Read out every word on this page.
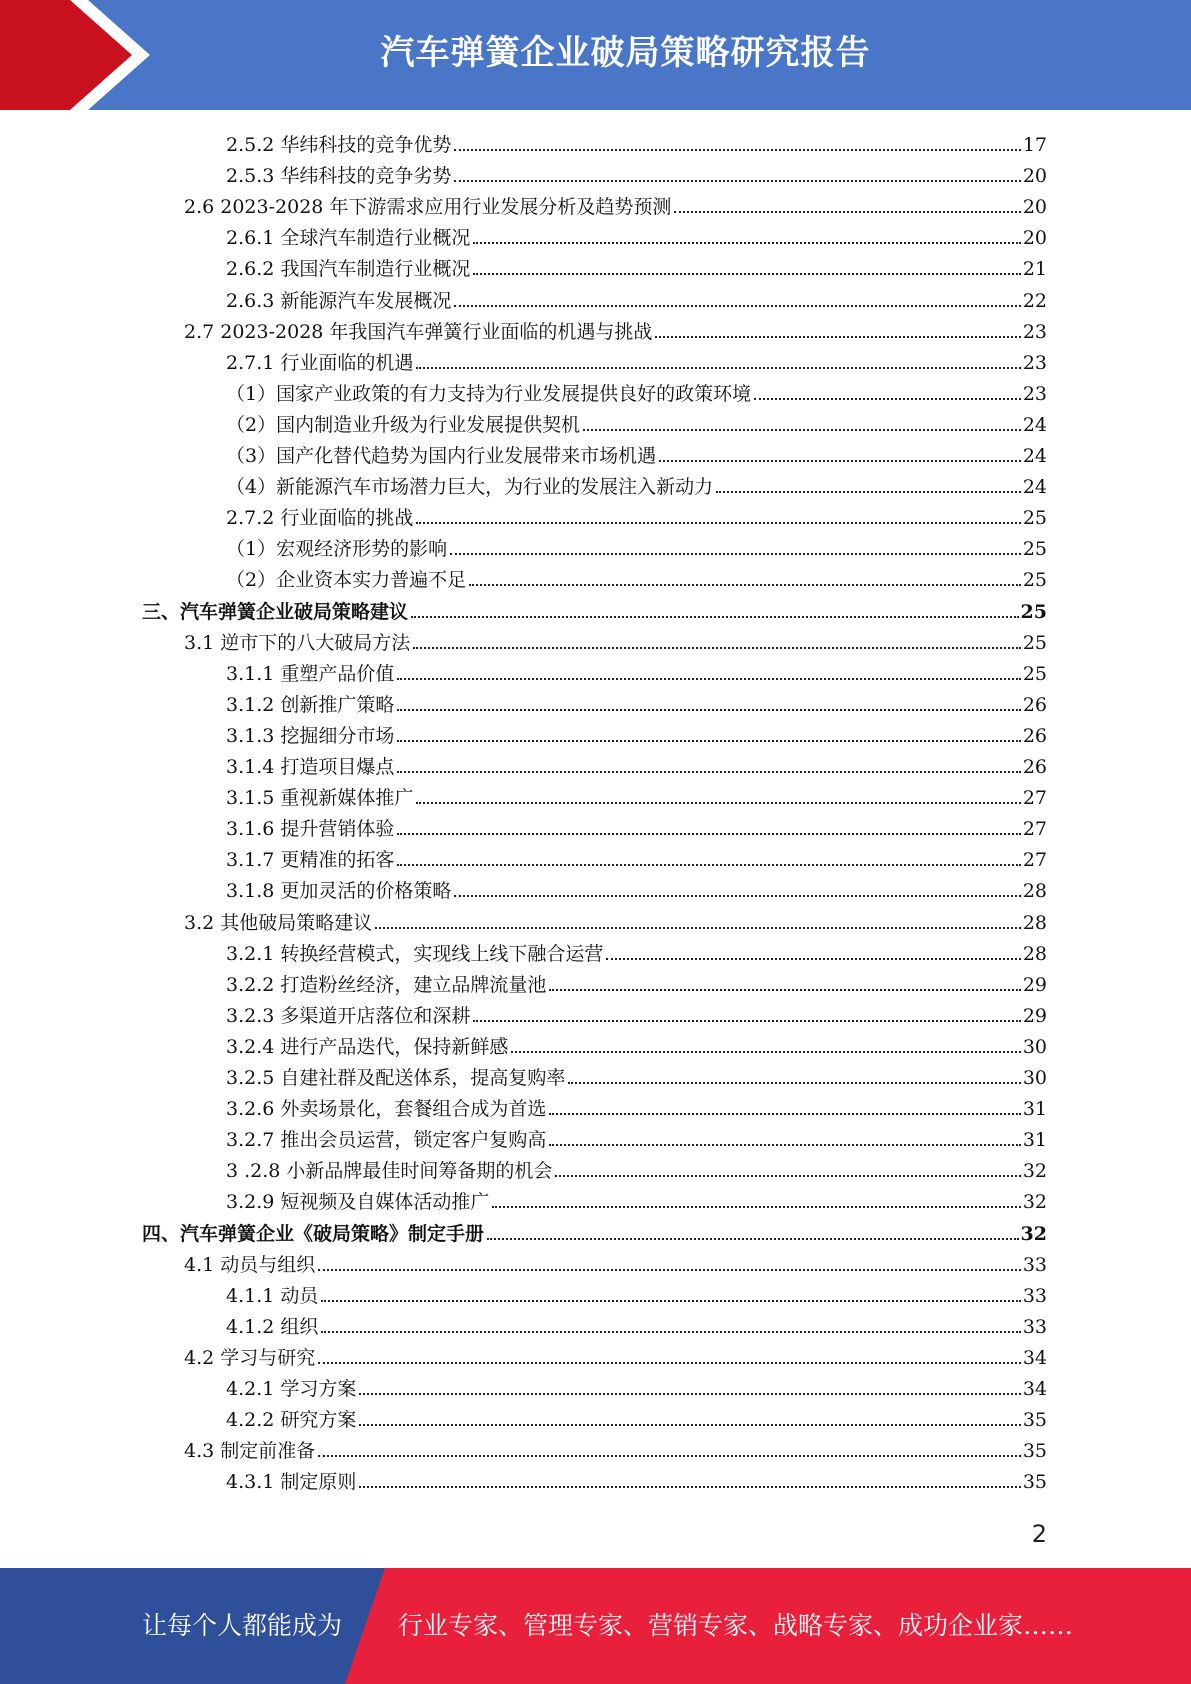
汽车弹簧企业破局策略研究报告
2.5.2 华纬科技的竞争优势	17
2.5.3 华纬科技的竞争劣势	20
2.6 2023-2028 年下游需求应用行业发展分析及趋势预测	20
2.6.1 全球汽车制造行业概况	20
2.6.2 我国汽车制造行业概况	21
2.6.3 新能源汽车发展概况	22
2.7 2023-2028 年我国汽车弹簧行业面临的机遇与挑战	23
2.7.1 行业面临的机遇	23
（1）国家产业政策的有力支持为行业发展提供良好的政策环境	23
（2）国内制造业升级为行业发展提供契机	24
（3）国产化替代趋势为国内行业发展带来市场机遇	24
（4）新能源汽车市场潜力巨大，为行业的发展注入新动力	24
2.7.2 行业面临的挑战	25
（1）宏观经济形势的影响	25
（2）企业资本实力普遍不足	25
三、汽车弹簧企业破局策略建议	25
3.1 逆市下的八大破局方法	25
3.1.1 重塑产品价值	25
3.1.2 创新推广策略	26
3.1.3 挖掘细分市场	26
3.1.4 打造项目爆点	26
3.1.5 重视新媒体推广	27
3.1.6 提升营销体验	27
3.1.7 更精准的拓客	27
3.1.8 更加灵活的价格策略	28
3.2 其他破局策略建议	28
3.2.1 转换经营模式，实现线上线下融合运营	28
3.2.2 打造粉丝经济，建立品牌流量池	29
3.2.3 多渠道开店落位和深耕	29
3.2.4 进行产品迭代，保持新鲜感	30
3.2.5 自建社群及配送体系，提高复购率	30
3.2.6 外卖场景化，套餐组合成为首选	31
3.2.7 推出会员运营，锁定客户复购高	31
3 .2.8 小新品牌最佳时间筹备期的机会	32
3.2.9 短视频及自媒体活动推广	32
四、汽车弹簧企业《破局策略》制定手册	32
4.1 动员与组织	33
4.1.1 动员	33
4.1.2 组织	33
4.2 学习与研究	34
4.2.1 学习方案	34
4.2.2 研究方案	35
4.3 制定前准备	35
4.3.1 制定原则	35
2
让每个人都能成为 行业专家、管理专家、营销专家、战略专家、成功企业家……
